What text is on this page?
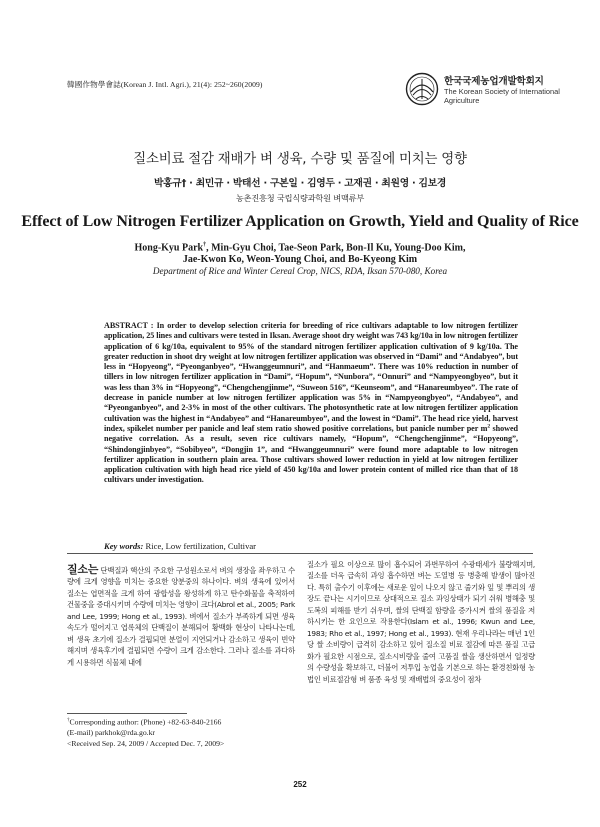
韓國作物學會誌(Korean J. Intl. Agri.), 21(4): 252~260(2009)	한국국제농업개발학회지
The Korean Society of International Agriculture
질소비료 절감 재배가 벼 생육, 수량 및 품질에 미치는 영향
박홍규† · 최민규 · 박태선 · 구본일 · 김영두 · 고재권 · 최원영 · 김보경
농촌진흥청 국립식량과학원 벼맥류부
Effect of Low Nitrogen Fertilizer Application on Growth, Yield and Quality of Rice
Hong-Kyu Park†, Min-Gyu Choi, Tae-Seon Park, Bon-Il Ku, Young-Doo Kim,
Jae-Kwon Ko, Weon-Young Choi, and Bo-Kyeong Kim
Department of Rice and Winter Cereal Crop, NICS, RDA, Iksan 570-080, Korea
ABSTRACT : In order to develop selection criteria for breeding of rice cultivars adaptable to low nitrogen fertilizer application, 25 lines and cultivars were tested in Iksan. Average shoot dry weight was 743 kg/10a in low nitrogen fertilizer application of 6 kg/10a, equivalent to 95% of the standard nitrogen fertilizer application cultivation of 9 kg/10a. The greater reduction in shoot dry weight at low nitrogen fertilizer application was observed in “Dami” and “Andabyeo”, but less in “Hopyeong”, “Pyeonganbyeo”, “Hwanggeumnuri”, and “Hanmaeum”. There was 10% reduction in number of tillers in low nitrogen fertilizer application in “Dami”, “Hopum”, “Nunbora”, “Onnuri” and “Nampyeongbyeo”, but it was less than 3% in “Hopyeong”, “Chengchengjinme”, “Suweon 516”, “Keunseom”, and “Hanareumbyeo”. The rate of decrease in panicle number at low nitrogen fertilizer application was 5% in “Nampyeongbyeo”, “Andabyeo”, and “Pyeonganbyeo”, and 2-3% in most of the other cultivars. The photosynthetic rate at low nitrogen fertilizer application cultivation was the highest in “Andabyeo” and “Hanareumbyeo”, and the lowest in “Dami”. The head rice yield, harvest index, spikelet number per panicle and leaf stem ratio showed positive correlations, but panicle number per $m^2$ showed negative correlation. As a result, seven rice cultivars namely, “Hopum”, “Chengchengjinme”, “Hopyeong”, “Shindongjinbyeo”, “Sobibyeo”, “Dongjin 1”, and “Hwanggeumnuri” were found more adaptable to low nitrogen fertilizer application in southern plain area. Those cultivars showed lower reduction in yield at low nitrogen fertilizer application cultivation with high head rice yield of 450 kg/10a and lower protein content of milled rice than that of 18 cultivars under investigation.
Key words: Rice, Low fertilization, Cultivar
질소는 단백질과 핵산의 주요한 구성원소로서 벼의 생장을 좌우하고 수량에 크게 영향을 미치는 중요한 양분중의 하나이다. 벼의 생육에 있어서 질소는 엽면적을 크게 하여 광합성을 왕성하게 하고 탄수화물을 축적하여 건물중을 증대시키며 수량에 미치는 영향이 크다(Abrol et al., 2005; Park and Lee, 1999; Hong et al., 1993). 벼에서 질소가 부족하게 되면 생육속도가 떨어지고 엽록체의 단백질이 분해되어 황백화 현상이 나타나는데, 벼 생육 초기에 질소가 결핍되면 분얼이 지연되거나 감소하고 생육이 빈약해지며 생육후기에 결핍되면 수량이 크게 감소한다. 그러나 질소를 과다하게 시용하면 식물체 내에
질소가 필요 이상으로 많이 흡수되어 과번무하여 수광태세가 불량해지며, 질소를 더욱 급속히 과잉 흡수하면 벼는 도열병 등 병충해 발생이 많아진다. 특히 출수기 이후에는 새로운 잎이 나오지 않고 줄기와 잎 및 뿌리의 생장도 끝나는 시기이므로 상대적으로 질소 과잉상태가 되기 쉬워 병해충 및 도복의 피해를 받기 쉬우며, 쌀의 단백질 함량을 증가시켜 쌀의 품질을 저하시키는 한 요인으로 작용한다(Islam et al., 1996; Kwun and Lee, 1983; Rho et al., 1997; Hong et al., 1993). 현재 우리나라는 매년 1인당 쌀 소비량이 급격히 감소하고 있어 질소질 비료 절감에 따른 품질 고급화가 필요한 시점으로, 질소시비량을 줄여 고품질 쌀을 생산하면서 일정량의 수량성을 확보하고, 더불어 저투입 농업을 기본으로 하는 환경친화형 농법인 비료절감형 벼 품종 육성 및 재배법의 중요성이 점차
†Corresponding author: (Phone) +82-63-840-2166
(E-mail) parkhok@rda.go.kr
<Received Sep. 24, 2009 / Accepted Dec. 7, 2009>
252
